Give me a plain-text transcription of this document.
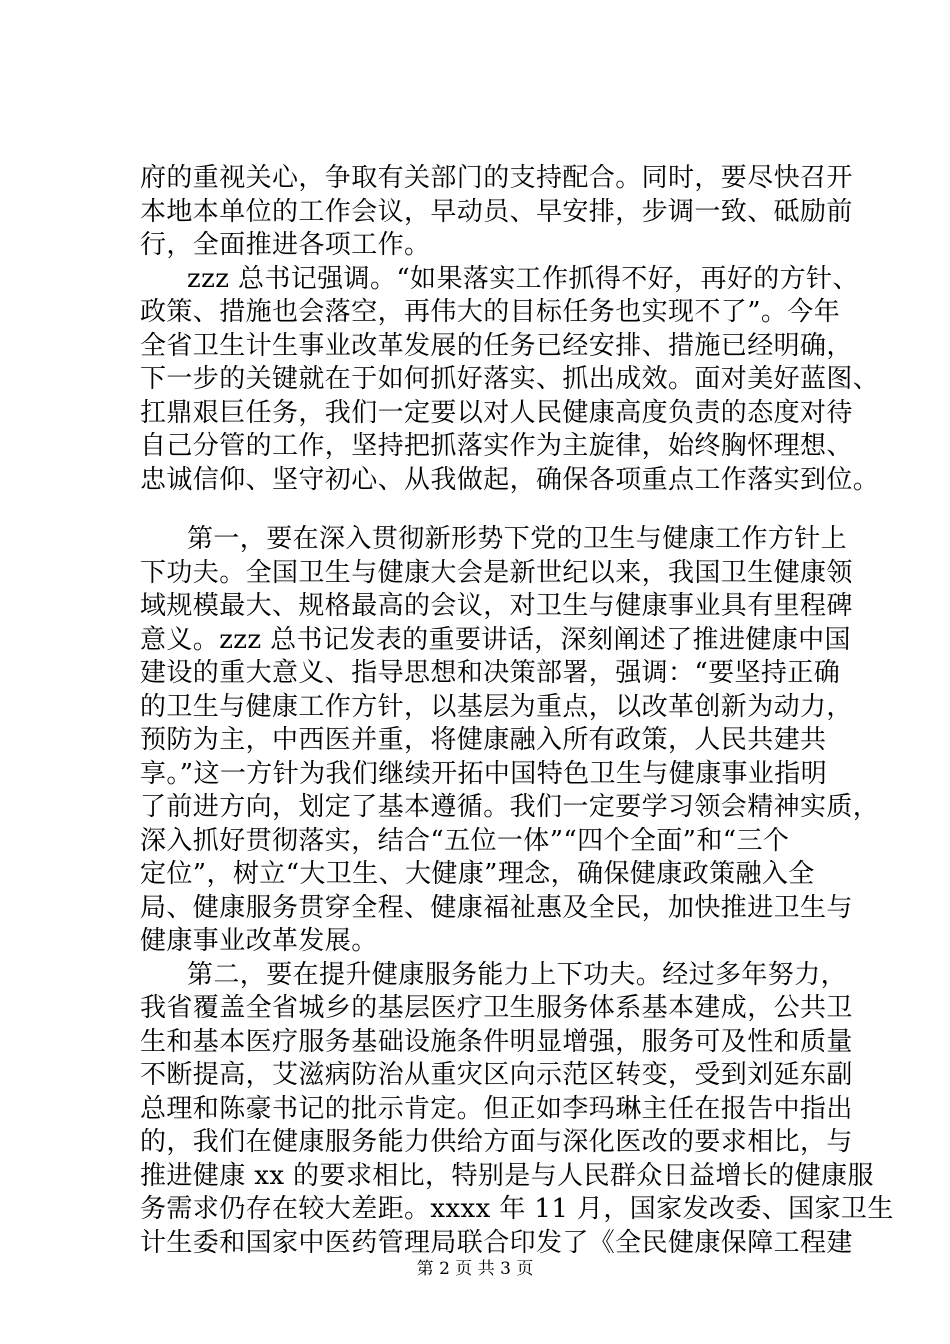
府的重视关心，争取有关部门的支持配合。同时，要尽快召开
本地本单位的工作会议，早动员、早安排，步调一致、砥励前
行，全面推进各项工作。
zzz 总书记强调。“如果落实工作抓得不好，再好的方针、
政策、措施也会落空，再伟大的目标任务也实现不了”。今年
全省卫生计生事业改革发展的任务已经安排、措施已经明确，
下一步的关键就在于如何抓好落实、抓出成效。面对美好蓝图、
扛鼎艰巨任务，我们一定要以对人民健康高度负责的态度对待
自己分管的工作，坚持把抓落实作为主旋律，始终胸怀理想、
忠诚信仰、坚守初心、从我做起，确保各项重点工作落实到位。
第一，要在深入贯彻新形势下党的卫生与健康工作方针上
下功夫。全国卫生与健康大会是新世纪以来，我国卫生健康领
域规模最大、规格最高的会议，对卫生与健康事业具有里程碑
意义。zzz 总书记发表的重要讲话，深刻阐述了推进健康中国
建设的重大意义、指导思想和决策部署，强调：“要坚持正确
的卫生与健康工作方针，以基层为重点，以改革创新为动力，
预防为主，中西医并重，将健康融入所有政策，人民共建共
享。”这一方针为我们继续开拓中国特色卫生与健康事业指明
了前进方向，划定了基本遵循。我们一定要学习领会精神实质，
深入抓好贯彻落实，结合“五位一体”“四个全面”和“三个
定位”，树立“大卫生、大健康”理念，确保健康政策融入全
局、健康服务贯穿全程、健康福祉惠及全民，加快推进卫生与
健康事业改革发展。
第二，要在提升健康服务能力上下功夫。经过多年努力，
我省覆盖全省城乡的基层医疗卫生服务体系基本建成，公共卫
生和基本医疗服务基础设施条件明显增强，服务可及性和质量
不断提高，艾滋病防治从重灾区向示范区转变，受到刘延东副
总理和陈豪书记的批示肯定。但正如李玛琳主任在报告中指出
的，我们在健康服务能力供给方面与深化医改的要求相比，与
推进健康 xx 的要求相比，特别是与人民群众日益增长的健康服
务需求仍存在较大差距。xxxx 年 11 月，国家发改委、国家卫生
计生委和国家中医药管理局联合印发了《全民健康保障工程建
第 2 页 共 3 页
